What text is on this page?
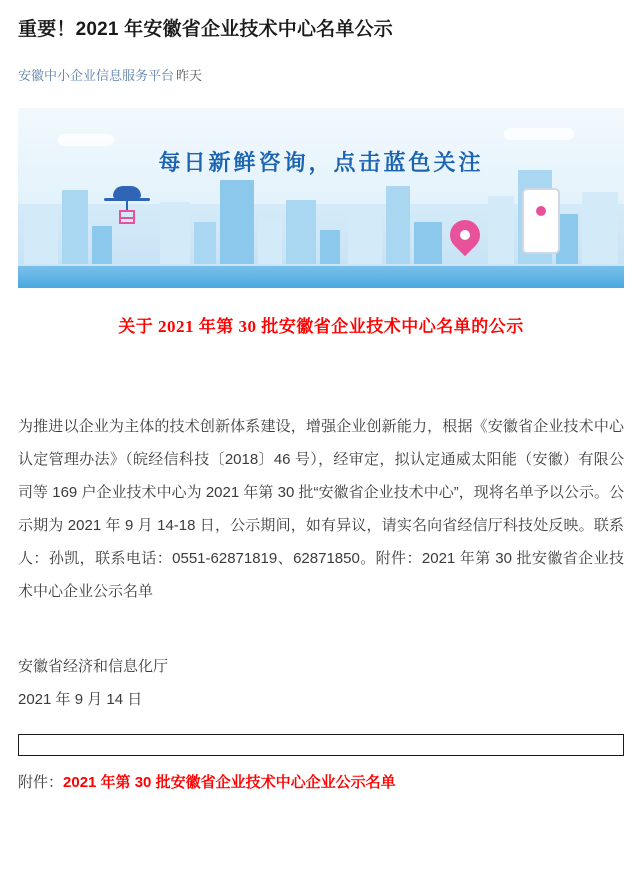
重要！2021 年安徽省企业技术中心名单公示
安徽中小企业信息服务平台 昨天
每日新鲜咨询，点击蓝色关注
关于 2021 年第 30 批安徽省企业技术中心名单的公示

为推进以企业为主体的技术创新体系建设，增强企业创新能力，根据《安徽省企业技术中心认定管理办法》（皖经信科技〔2018〕46 号），经审定，拟认定通威太阳能（安徽）有限公司等 169 户企业技术中心为 2021 年第 30 批“安徽省企业技术中心”，现将名单予以公示。公示期为 2021 年 9 月 14-18 日，公示期间，如有异议，请实名向省经信厅科技处反映。联系人：孙凯，联系电话：0551-62871819、62871850。附件：2021 年第 30 批安徽省企业技术中心企业公示名单

安徽省经济和信息化厅
2021 年 9 月 14 日
附件：2021 年第 30 批安徽省企业技术中心企业公示名单
